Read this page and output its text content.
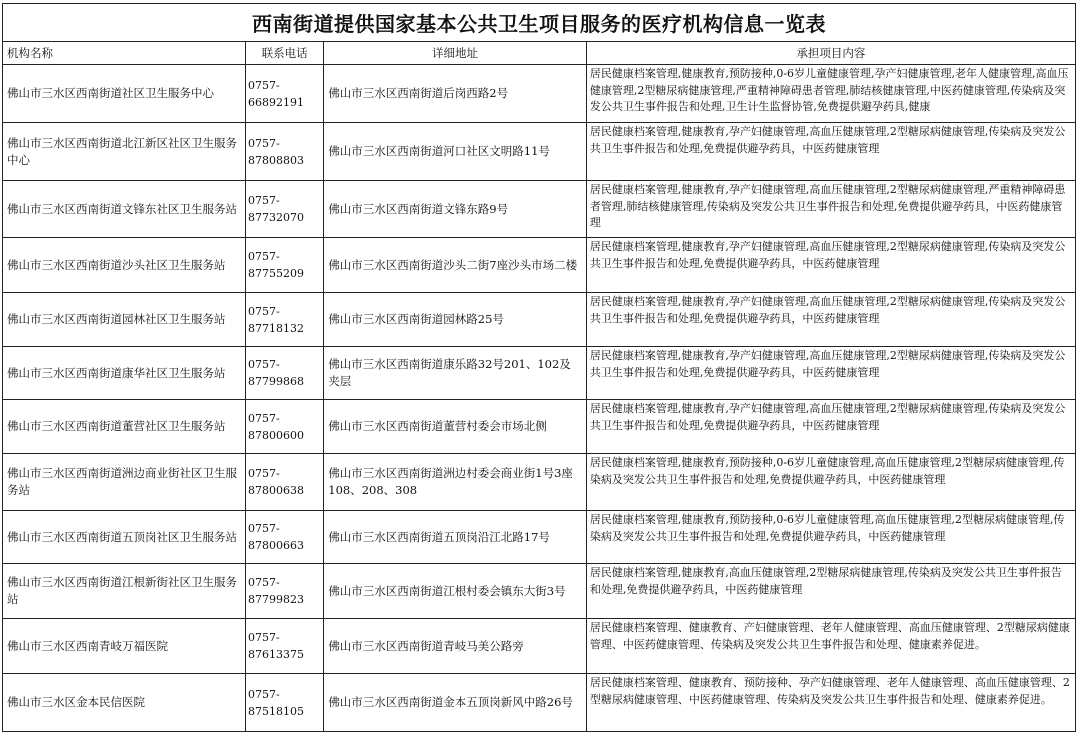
西南街道提供国家基本公共卫生项目服务的医疗机构信息一览表			
机构名称	联系电话	详细地址	承担项目内容
佛山市三水区西南街道社区卫生服务中心	0757-66892191	佛山市三水区西南街道后岗西路2号	居民健康档案管理,健康教育,预防接种,0-6岁儿童健康管理,孕产妇健康管理,老年人健康管理,高血压健康管理,2型糖尿病健康管理,严重精神障碍患者管理,肺结核健康管理,中医药健康管理,传染病及突发公共卫生事件报告和处理,卫生计生监督协管,免费提供避孕药具,健康

佛山市三水区西南街道北江新区社区卫生服务中心	0757-87808803	佛山市三水区西南街道河口社区文明路11号	居民健康档案管理,健康教育,孕产妇健康管理,高血压健康管理,2型糖尿病健康管理,传染病及突发公共卫生事件报告和处理,免费提供避孕药具，中医药健康管理

佛山市三水区西南街道文锋东社区卫生服务站	0757-87732070	佛山市三水区西南街道文锋东路9号	居民健康档案管理,健康教育,孕产妇健康管理,高血压健康管理,2型糖尿病健康管理,严重精神障碍患者管理,肺结核健康管理,传染病及突发公共卫生事件报告和处理,免费提供避孕药具，中医药健康管理

佛山市三水区西南街道沙头社区卫生服务站	0757-87755209	佛山市三水区西南街道沙头二街7座沙头市场二楼	居民健康档案管理,健康教育,孕产妇健康管理,高血压健康管理,2型糖尿病健康管理,传染病及突发公共卫生事件报告和处理,免费提供避孕药具，中医药健康管理

佛山市三水区西南街道园林社区卫生服务站	0757-87718132	佛山市三水区西南街道园林路25号	居民健康档案管理,健康教育,孕产妇健康管理,高血压健康管理,2型糖尿病健康管理,传染病及突发公共卫生事件报告和处理,免费提供避孕药具，中医药健康管理

佛山市三水区西南街道康华社区卫生服务站	0757-87799868	佛山市三水区西南街道康乐路32号201、102及夹层	居民健康档案管理,健康教育,孕产妇健康管理,高血压健康管理,2型糖尿病健康管理,传染病及突发公共卫生事件报告和处理,免费提供避孕药具，中医药健康管理

佛山市三水区西南街道董营社区卫生服务站	0757-87800600	佛山市三水区西南街道董营村委会市场北侧	居民健康档案管理,健康教育,孕产妇健康管理,高血压健康管理,2型糖尿病健康管理,传染病及突发公共卫生事件报告和处理,免费提供避孕药具，中医药健康管理

佛山市三水区西南街道洲边商业街社区卫生服务站	0757-87800638	佛山市三水区西南街道洲边村委会商业街1号3座108、208、308	居民健康档案管理,健康教育,预防接种,0-6岁儿童健康管理,高血压健康管理,2型糖尿病健康管理,传染病及突发公共卫生事件报告和处理,免费提供避孕药具，中医药健康管理

佛山市三水区西南街道五顶岗社区卫生服务站	0757-87800663	佛山市三水区西南街道五顶岗沿江北路17号	居民健康档案管理,健康教育,预防接种,0-6岁儿童健康管理,高血压健康管理,2型糖尿病健康管理,传染病及突发公共卫生事件报告和处理,免费提供避孕药具，中医药健康管理

佛山市三水区西南街道江根新街社区卫生服务站	0757-87799823	佛山市三水区西南街道江根村委会镇东大街3号	居民健康档案管理,健康教育,高血压健康管理,2型糖尿病健康管理,传染病及突发公共卫生事件报告和处理,免费提供避孕药具，中医药健康管理

佛山市三水区西南青岐万福医院	0757-87613375	佛山市三水区西南街道青岐马美公路旁	居民健康档案管理、健康教育、产妇健康管理、老年人健康管理、高血压健康管理、2型糖尿病健康管理、中医药健康管理、传染病及突发公共卫生事件报告和处理、健康素养促进。

佛山市三水区金本民信医院	0757-87518105	佛山市三水区西南街道金本五顶岗新风中路26号	居民健康档案管理、健康教育、预防接种、孕产妇健康管理、老年人健康管理、高血压健康管理、2型糖尿病健康管理、中医药健康管理、传染病及突发公共卫生事件报告和处理、健康素养促进。
